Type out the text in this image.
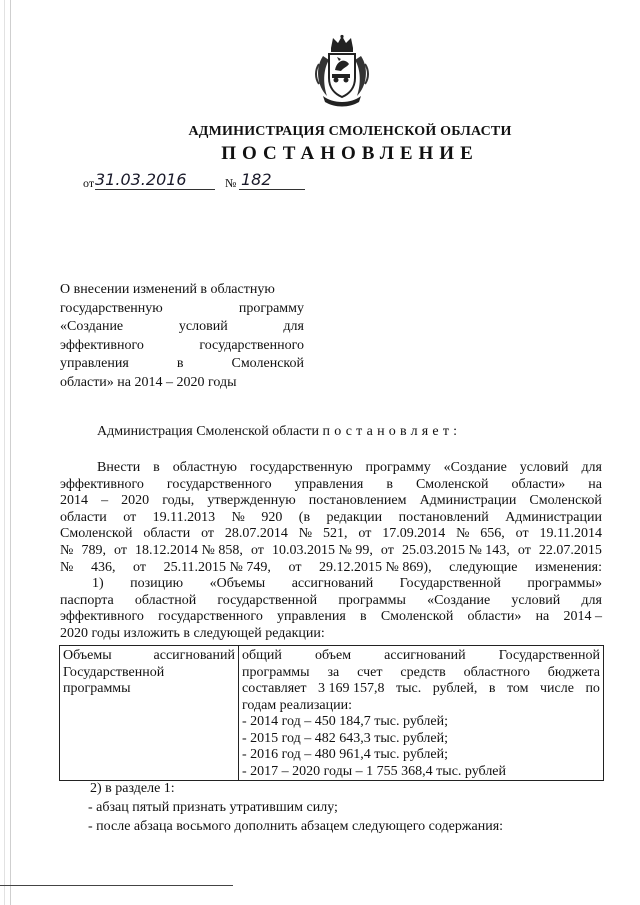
АДМИНИСТРАЦИЯ СМОЛЕНСКОЙ ОБЛАСТИ
ПОСТАНОВЛЕНИЕ
от 31.03.2016	№ 182
О внесении изменений в областную
государственную	программу
«Создание	условий	для
эффективного	государственного
управления	в	Смоленской
области» на 2014 – 2020 годы
Администрация Смоленской области постановляет:
Внести в областную государственную программу «Создание условий для
эффективного государственного управления в Смоленской области» на
2014 – 2020 годы, утвержденную постановлением Администрации Смоленской
области от 19.11.2013 № 920 (в редакции постановлений Администрации
Смоленской области от 28.07.2014 № 521, от 17.09.2014 № 656, от 19.11.2014
№ 789, от 18.12.2014 № 858, от 10.03.2015 № 99, от 25.03.2015 № 143, от 22.07.2015
№ 436, от 25.11.2015 № 749, от 29.12.2015 № 869), следующие изменения:
1) позицию «Объемы ассигнований Государственной программы»
паспорта областной государственной программы «Создание условий для
эффективного государственного управления в Смоленской области» на 2014 –
2020 годы изложить в следующей редакции:
Объемы	ассигнований
Государственной
программы

общий объем ассигнований Государственной
программы за счет средств областного бюджета
составляет 3 169 157,8 тыс. рублей, в том числе по
годам реализации:
- 2014 год – 450 184,7 тыс. рублей;
- 2015 год – 482 643,3 тыс. рублей;
- 2016 год – 480 961,4 тыс. рублей;
- 2017 – 2020 годы – 1 755 368,4 тыс. рублей
2) в разделе 1:
- абзац пятый признать утратившим силу;
- после абзаца восьмого дополнить абзацем следующего содержания:
